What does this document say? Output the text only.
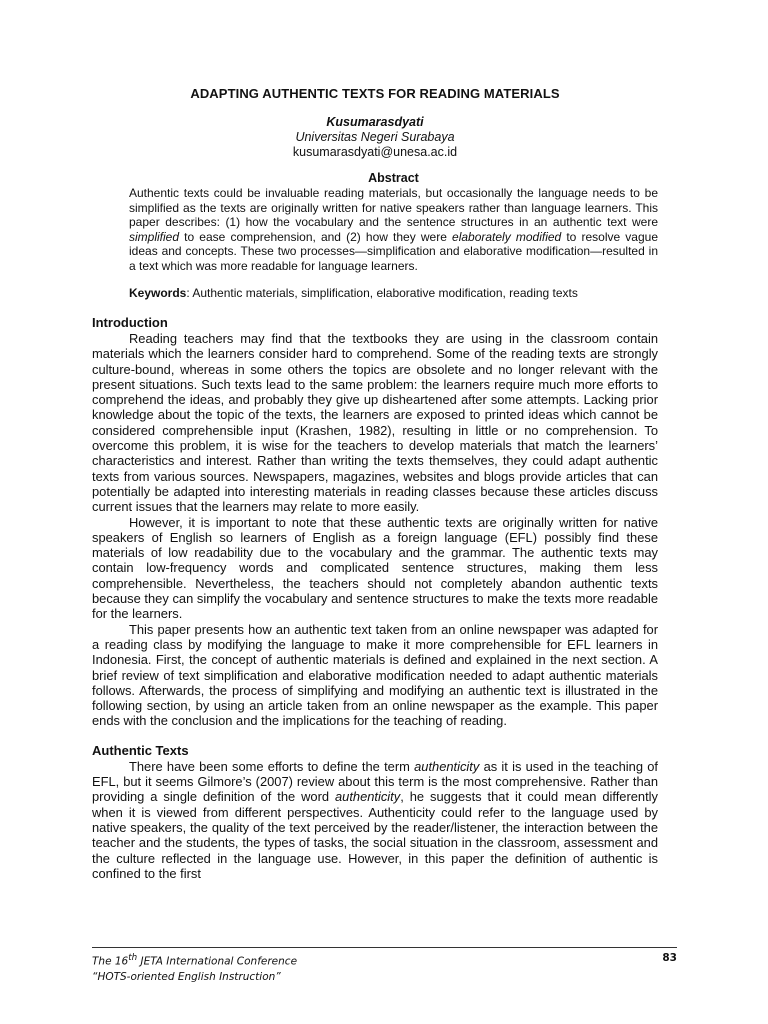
ADAPTING AUTHENTIC TEXTS FOR READING MATERIALS
Kusumarasdyati
Universitas Negeri Surabaya
kusumarasdyati@unesa.ac.id
Abstract

Authentic texts could be invaluable reading materials, but occasionally the language needs to be simplified as the texts are originally written for native speakers rather than language learners. This paper describes: (1) how the vocabulary and the sentence structures in an authentic text were simplified to ease comprehension, and (2) how they were elaborately modified to resolve vague ideas and concepts. These two processes—simplification and elaborative modification—resulted in a text which was more readable for language learners.

Keywords: Authentic materials, simplification, elaborative modification, reading texts

Introduction

Reading teachers may find that the textbooks they are using in the classroom contain materials which the learners consider hard to comprehend. Some of the reading texts are strongly culture-bound, whereas in some others the topics are obsolete and no longer relevant with the present situations. Such texts lead to the same problem: the learners require much more efforts to comprehend the ideas, and probably they give up disheartened after some attempts. Lacking prior knowledge about the topic of the texts, the learners are exposed to printed ideas which cannot be considered comprehensible input (Krashen, 1982), resulting in little or no comprehension. To overcome this problem, it is wise for the teachers to develop materials that match the learners’ characteristics and interest. Rather than writing the texts themselves, they could adapt authentic texts from various sources. Newspapers, magazines, websites and blogs provide articles that can potentially be adapted into interesting materials in reading classes because these articles discuss current issues that the learners may relate to more easily.

However, it is important to note that these authentic texts are originally written for native speakers of English so learners of English as a foreign language (EFL) possibly find these materials of low readability due to the vocabulary and the grammar. The authentic texts may contain low-frequency words and complicated sentence structures, making them less comprehensible. Nevertheless, the teachers should not completely abandon authentic texts because they can simplify the vocabulary and sentence structures to make the texts more readable for the learners.

This paper presents how an authentic text taken from an online newspaper was adapted for a reading class by modifying the language to make it more comprehensible for EFL learners in Indonesia. First, the concept of authentic materials is defined and explained in the next section. A brief review of text simplification and elaborative modification needed to adapt authentic materials follows. Afterwards, the process of simplifying and modifying an authentic text is illustrated in the following section, by using an article taken from an online newspaper as the example. This paper ends with the conclusion and the implications for the teaching of reading.

Authentic Texts

There have been some efforts to define the term authenticity as it is used in the teaching of EFL, but it seems Gilmore’s (2007) review about this term is the most comprehensive. Rather than providing a single definition of the word authenticity, he suggests that it could mean differently when it is viewed from different perspectives. Authenticity could refer to the language used by native speakers, the quality of the text perceived by the reader/listener, the interaction between the teacher and the students, the types of tasks, the social situation in the classroom, assessment and the culture reflected in the language use. However, in this paper the definition of authentic is confined to the first

The 16th JETA International Conference
“HOTS-oriented English Instruction”
83
